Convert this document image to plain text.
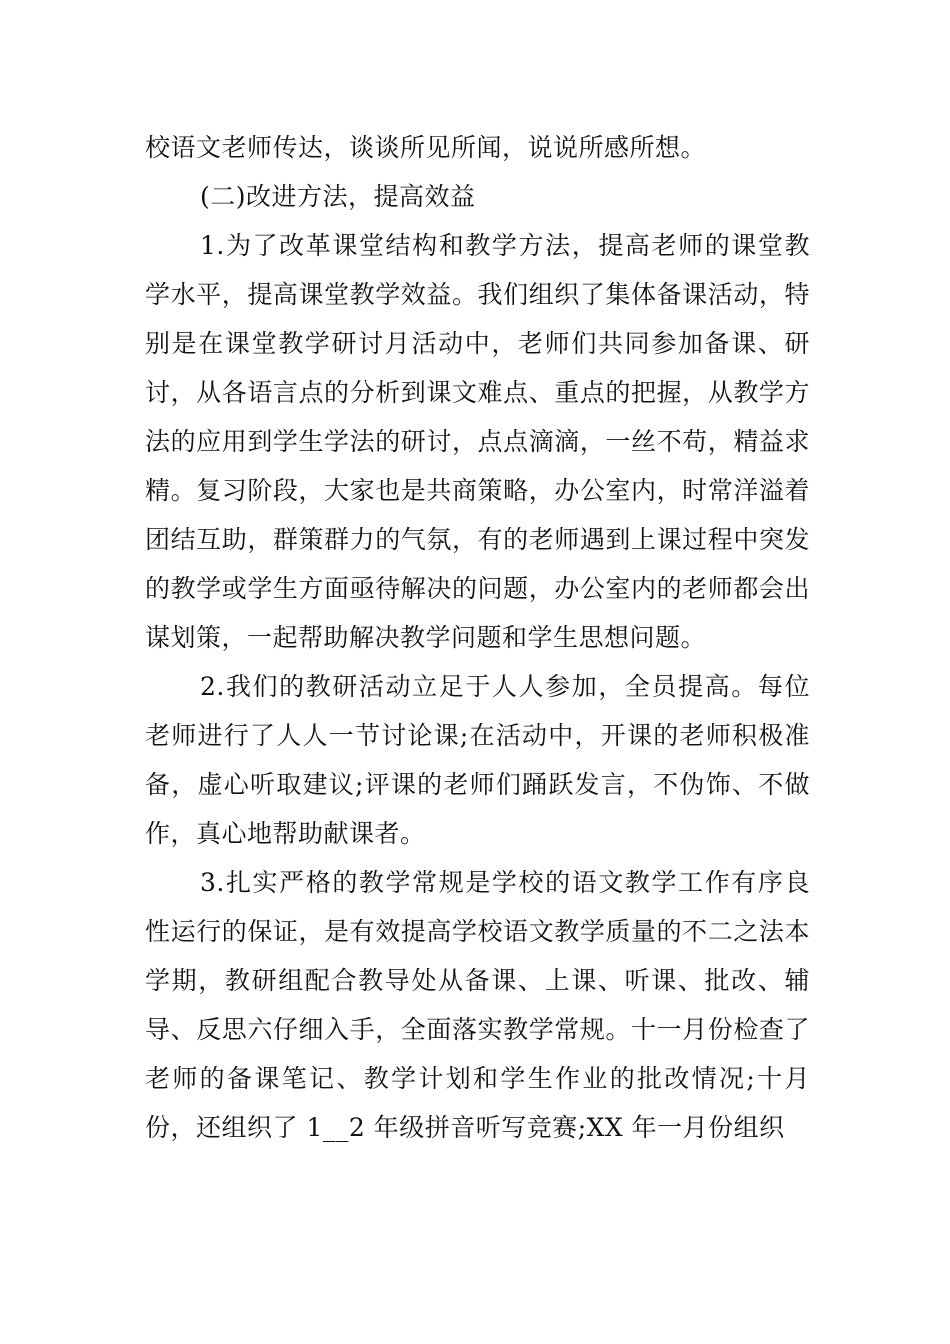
校语文老师传达，谈谈所见所闻，说说所感所想。

(二)改进方法，提高效益

1.为了改革课堂结构和教学方法，提高老师的课堂教学水平，提高课堂教学效益。我们组织了集体备课活动，特别是在课堂教学研讨月活动中，老师们共同参加备课、研讨，从各语言点的分析到课文难点、重点的把握，从教学方法的应用到学生学法的研讨，点点滴滴，一丝不苟，精益求精。复习阶段，大家也是共商策略，办公室内，时常洋溢着团结互助，群策群力的气氛，有的老师遇到上课过程中突发的教学或学生方面亟待解决的问题，办公室内的老师都会出谋划策，一起帮助解决教学问题和学生思想问题。

2.我们的教研活动立足于人人参加，全员提高。每位老师进行了人人一节讨论课;在活动中，开课的老师积极准备，虚心听取建议;评课的老师们踊跃发言，不伪饰、不做作，真心地帮助献课者。

3.扎实严格的教学常规是学校的语文教学工作有序良性运行的保证，是有效提高学校语文教学质量的不二之法本学期，教研组配合教导处从备课、上课、听课、批改、辅导、反思六仔细入手，全面落实教学常规。十一月份检查了老师的备课笔记、教学计划和学生作业的批改情况;十月份，还组织了 1__2 年级拼音听写竞赛;XX 年一月份组织
